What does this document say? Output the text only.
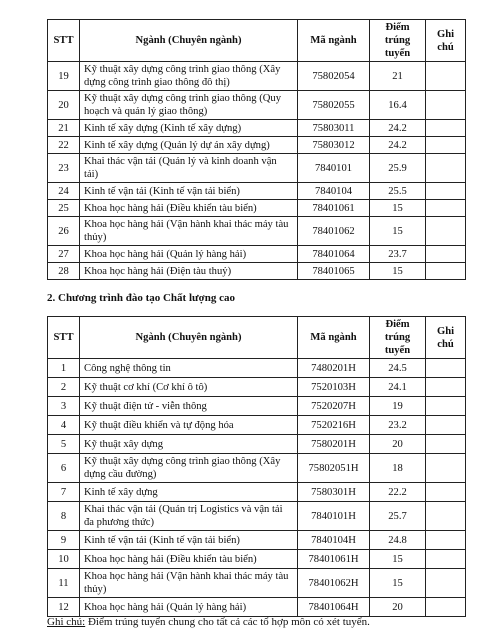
STT	Ngành (Chuyên ngành)	Mã ngành	Điểm trúng tuyển	Ghi chú
19	Kỹ thuật xây dựng công trình giao thông (Xây dựng công trình giao thông đô thị)	75802054	21	
20	Kỹ thuật xây dựng công trình giao thông (Quy hoạch và quản lý giao thông)	75802055	16.4	
21	Kinh tế xây dựng (Kinh tế xây dựng)	75803011	24.2	
22	Kinh tế xây dựng (Quản lý dự án xây dựng)	75803012	24.2	
23	Khai thác vận tải (Quản lý và kinh doanh vận tải)	7840101	25.9	
24	Kinh tế vận tải (Kinh tế vận tải biển)	7840104	25.5	
25	Khoa học hàng hải (Điều khiển tàu biển)	78401061	15	
26	Khoa học hàng hải (Vận hành khai thác máy tàu thủy)	78401062	15	
27	Khoa học hàng hải (Quản lý hàng hải)	78401064	23.7	
28	Khoa học hàng hải (Điện tàu thuỷ)	78401065	15	
2. Chương trình đào tạo Chất lượng cao
STT	Ngành (Chuyên ngành)	Mã ngành	Điểm trúng tuyển	Ghi chú
1	Công nghệ thông tin	7480201H	24.5	
2	Kỹ thuật cơ khí (Cơ khí ô tô)	7520103H	24.1	
3	Kỹ thuật điện tử - viễn thông	7520207H	19	
4	Kỹ thuật điều khiển và tự động hóa	7520216H	23.2	
5	Kỹ thuật xây dựng	7580201H	20	
6	Kỹ thuật xây dựng công trình giao thông (Xây dựng cầu đường)	75802051H	18	
7	Kinh tế xây dựng	7580301H	22.2	
8	Khai thác vận tải (Quản trị Logistics và vận tải đa phương thức)	7840101H	25.7	
9	Kinh tế vận tải (Kinh tế vận tải biển)	7840104H	24.8	
10	Khoa học hàng hải (Điều khiển tàu biển)	78401061H	15	
11	Khoa học hàng hải (Vận hành khai thác máy tàu thủy)	78401062H	15	
12	Khoa học hàng hải (Quản lý hàng hải)	78401064H	20	
Ghi chú: Điểm trúng tuyển chung cho tất cả các tổ hợp môn có xét tuyển.
